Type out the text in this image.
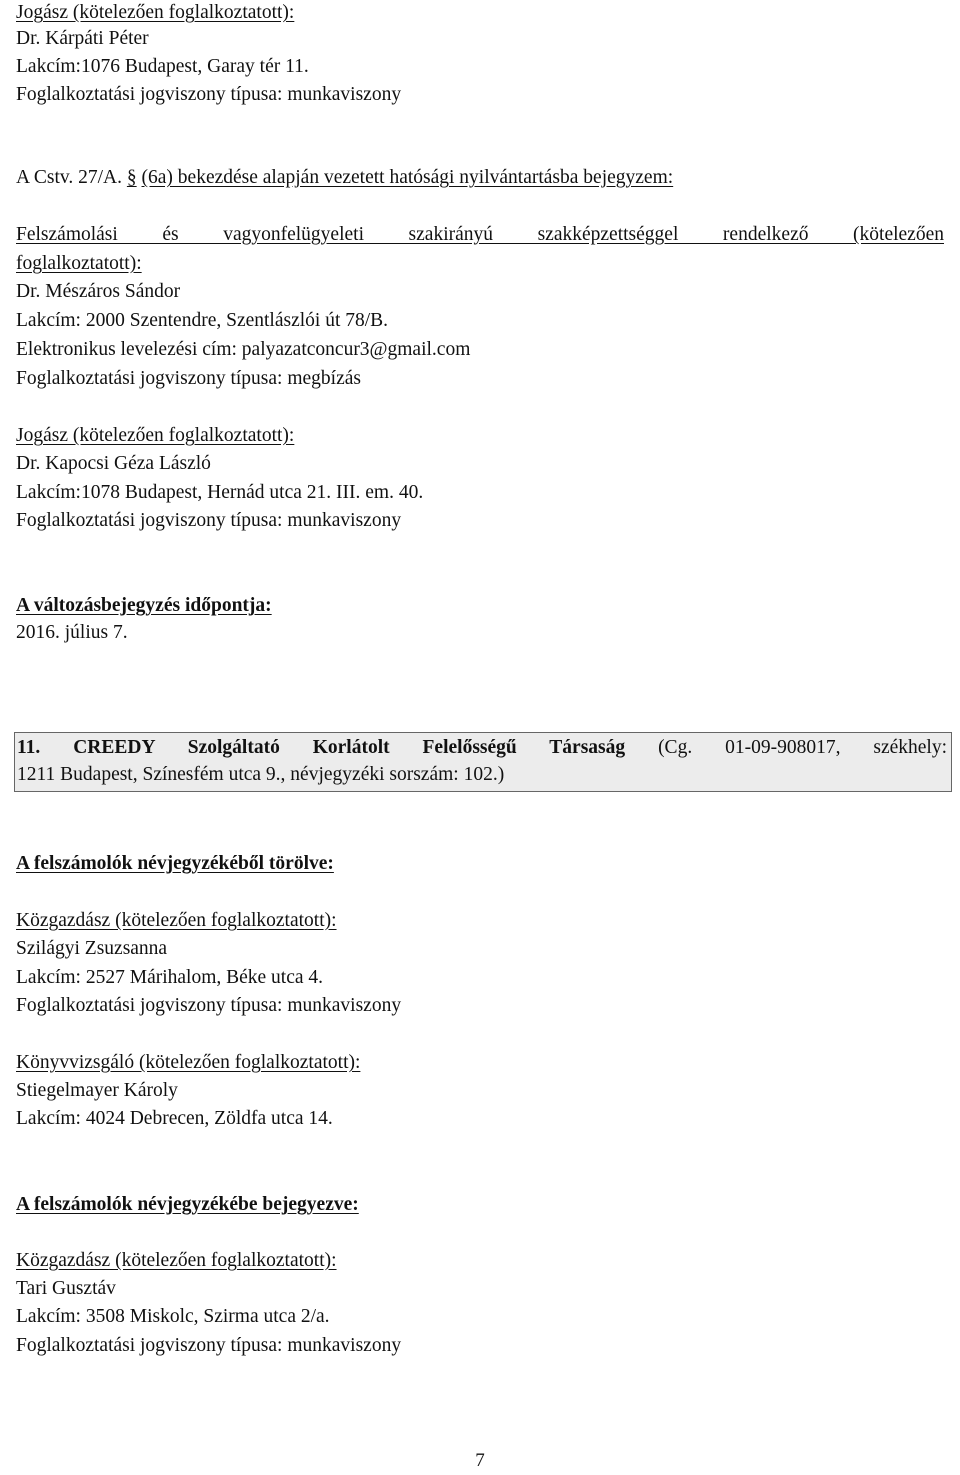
Jogász (kötelezően foglalkoztatott):
Dr. Kárpáti Péter
Lakcím:1076 Budapest, Garay tér 11.
Foglalkoztatási jogviszony típusa: munkaviszony
A Cstv. 27/A. § (6a) bekezdése alapján vezetett hatósági nyilvántartásba bejegyzem:
Felszámolási és vagyonfelügyeleti szakirányú szakképzettséggel rendelkező (kötelezően
foglalkoztatott):
Dr. Mészáros Sándor
Lakcím: 2000 Szentendre, Szentlászlói út 78/B.
Elektronikus levelezési cím: palyazatconcur3@gmail.com
Foglalkoztatási jogviszony típusa: megbízás
Jogász (kötelezően foglalkoztatott):
Dr. Kapocsi Géza László
Lakcím:1078 Budapest, Hernád utca 21. III. em. 40.
Foglalkoztatási jogviszony típusa: munkaviszony
A változásbejegyzés időpontja:
2016. július 7.
11. CREEDY Szolgáltató Korlátolt Felelősségű Társaság (Cg. 01-09-908017, székhely:
1211 Budapest, Színesfém utca 9., névjegyzéki sorszám: 102.)
A felszámolók névjegyzékéből törölve:
Közgazdász (kötelezően foglalkoztatott):
Szilágyi Zsuzsanna
Lakcím: 2527 Márihalom, Béke utca 4.
Foglalkoztatási jogviszony típusa: munkaviszony
Könyvvizsgáló (kötelezően foglalkoztatott):
Stiegelmayer Károly
Lakcím: 4024 Debrecen, Zöldfa utca 14.
A felszámolók névjegyzékébe bejegyezve:
Közgazdász (kötelezően foglalkoztatott):
Tari Gusztáv
Lakcím: 3508 Miskolc, Szirma utca 2/a.
Foglalkoztatási jogviszony típusa: munkaviszony
7
